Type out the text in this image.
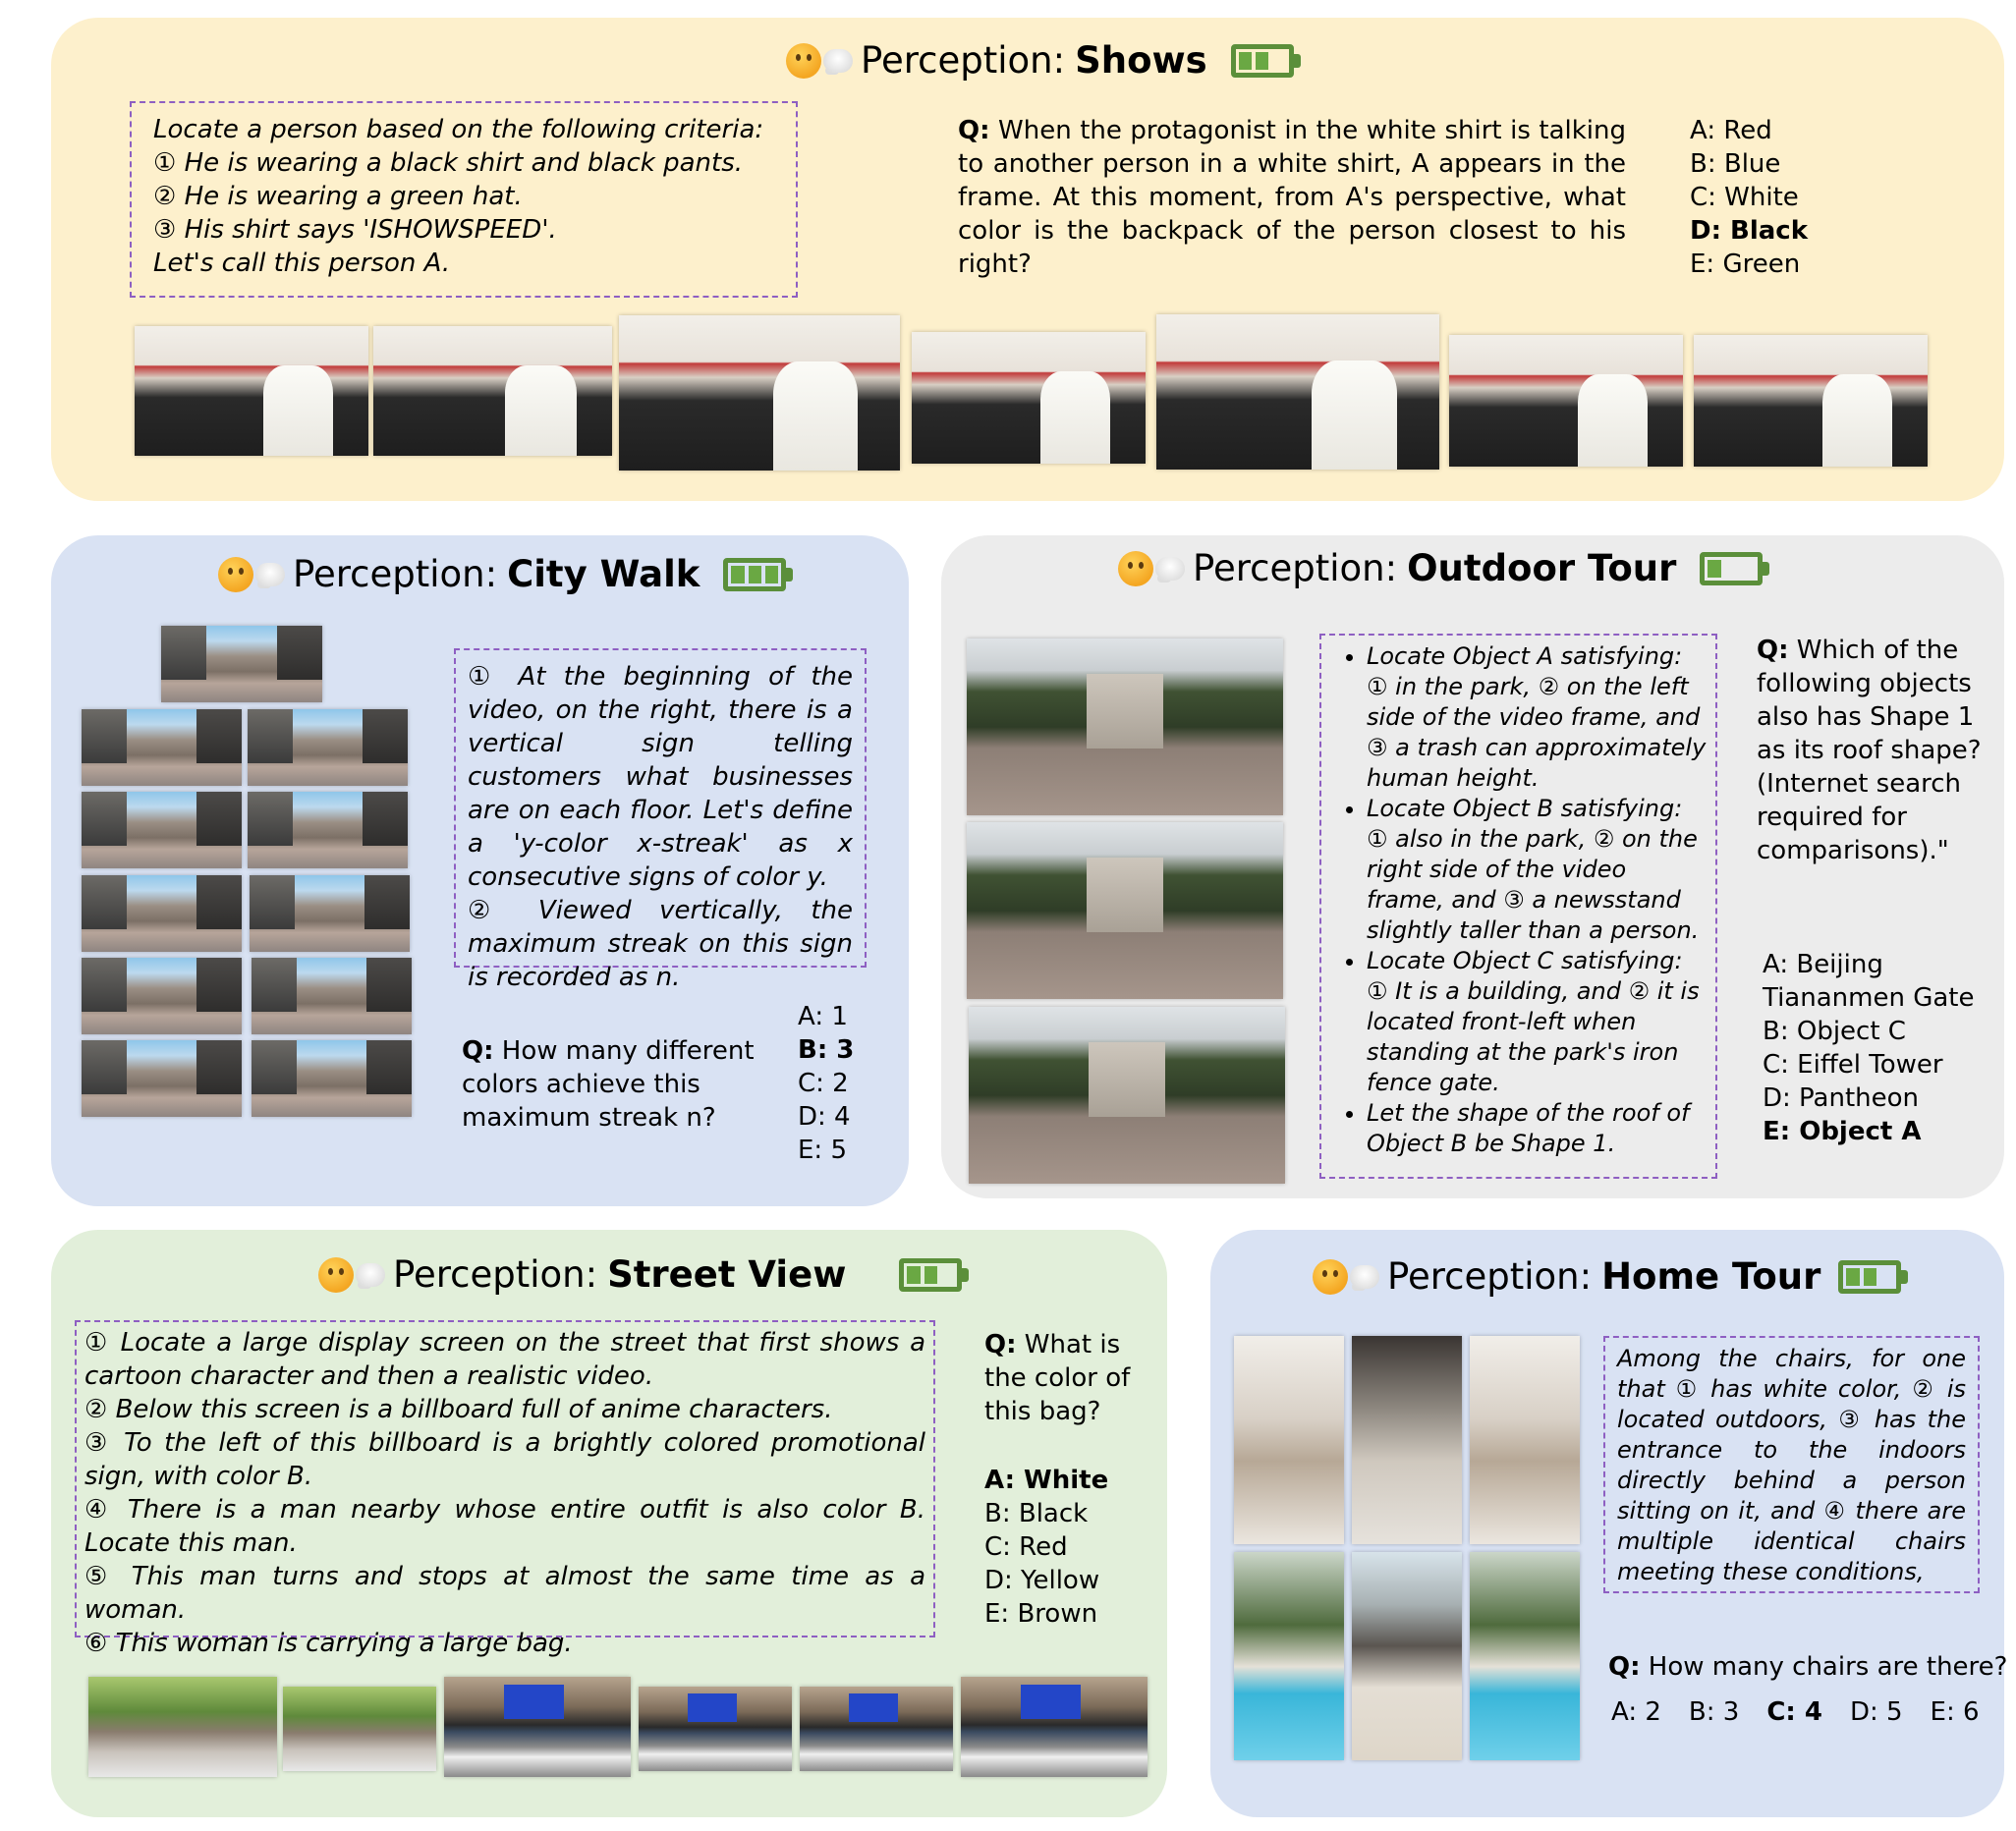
Perception: Shows
Locate a person based on the following criteria:
① He is wearing a black shirt and black pants.
② He is wearing a green hat.
③ His shirt says 'ISHOWSPEED'.
Let's call this person A.
Q: When the protagonist in the white shirt is talking to another person in a white shirt, A appears in the frame. At this moment, from A's perspective, what color is the backpack of the person closest to his right?
A: Red
B: Blue
C: White
D: Black
E: Green
Perception: City Walk
① At the beginning of the video, on the right, there is a vertical sign telling customers what businesses are on each floor. Let's define a 'y-color x-streak' as x consecutive signs of color y.
② Viewed vertically, the maximum streak on this sign is recorded as n.
Q: How many different colors achieve this maximum streak n?
A: 1
B: 3
C: 2
D: 4
E: 5
Perception: Outdoor Tour
• Locate Object A satisfying: ① in the park, ② on the left side of the video frame, and ③ a trash can approximately human height.
• Locate Object B satisfying: ① also in the park, ② on the right side of the video frame, and ③ a newsstand slightly taller than a person.
• Locate Object C satisfying: ① It is a building, and ② it is located front-left when standing at the park's iron fence gate.
• Let the shape of the roof of Object B be Shape 1.
Q: Which of the following objects also has Shape 1 as its roof shape? (Internet search required for comparisons)."
A: Beijing Tiananmen Gate
B: Object C
C: Eiffel Tower
D: Pantheon
E: Object A
Perception: Street View
① Locate a large display screen on the street that first shows a cartoon character and then a realistic video.
② Below this screen is a billboard full of anime characters.
③ To the left of this billboard is a brightly colored promotional sign, with color B.
④ There is a man nearby whose entire outfit is also color B. Locate this man.
⑤ This man turns and stops at almost the same time as a woman.
⑥ This woman is carrying a large bag.
Q: What is the color of this bag?
A: White
B: Black
C: Red
D: Yellow
E: Brown
Perception: Home Tour
Among the chairs, for one that ① has white color, ② is located outdoors, ③ has the entrance to the indoors directly behind a person sitting on it, and ④ there are multiple identical chairs meeting these conditions,
Q: How many chairs are there?
A: 2 B: 3 C: 4 D: 5 E: 6
